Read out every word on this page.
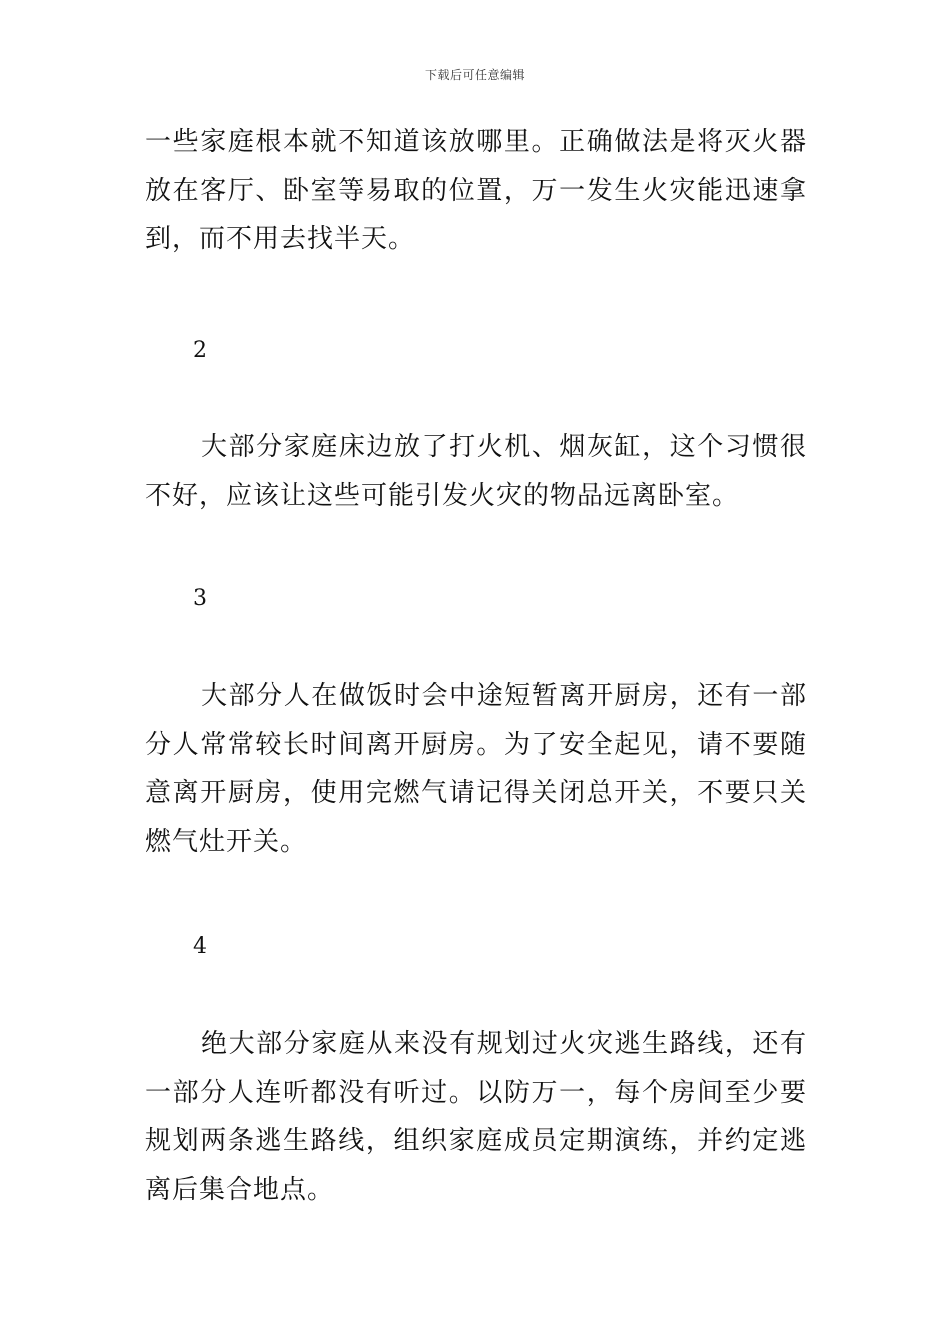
下载后可任意编辑

一些家庭根本就不知道该放哪里。正确做法是将灭火器放在客厅、卧室等易取的位置，万一发生火灾能迅速拿到，而不用去找半天。

2

大部分家庭床边放了打火机、烟灰缸，这个习惯很不好，应该让这些可能引发火灾的物品远离卧室。

3

大部分人在做饭时会中途短暂离开厨房，还有一部分人常常较长时间离开厨房。为了安全起见，请不要随意离开厨房，使用完燃气请记得关闭总开关，不要只关燃气灶开关。

4

绝大部分家庭从来没有规划过火灾逃生路线，还有一部分人连听都没有听过。以防万一，每个房间至少要规划两条逃生路线，组织家庭成员定期演练，并约定逃离后集合地点。
